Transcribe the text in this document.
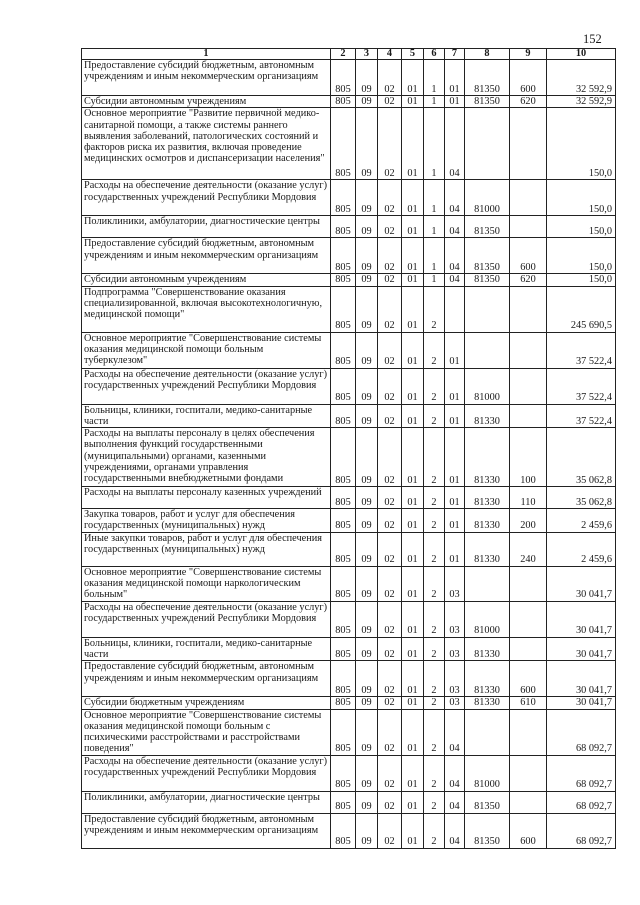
152
1	2	3	4	5	6	7	8	9	10
Предоставление субсидий бюджетным, автономным учреждениям и иным некоммерческим организациям	805	09	02	01	1	01	81350	600	32 592,9
Субсидии автономным учреждениям	805	09	02	01	1	01	81350	620	32 592,9
Основное мероприятие "Развитие первичной медико-санитарной помощи, а также системы раннего выявления заболеваний, патологических состояний и факторов риска их развития, включая проведение медицинских осмотров и диспансеризации населения"	805	09	02	01	1	04			150,0
Расходы на обеспечение деятельности (оказание услуг) государственных учреждений Республики Мордовия	805	09	02	01	1	04	81000		150,0
Поликлиники, амбулатории, диагностические центры	805	09	02	01	1	04	81350		150,0
Предоставление субсидий бюджетным, автономным учреждениям и иным некоммерческим организациям	805	09	02	01	1	04	81350	600	150,0
Субсидии автономным учреждениям	805	09	02	01	1	04	81350	620	150,0
Подпрограмма "Совершенствование оказания специализированной, включая высокотехнологичную, медицинской помощи"	805	09	02	01	2				245 690,5
Основное мероприятие "Совершенствование системы оказания медицинской помощи больным туберкулезом"	805	09	02	01	2	01			37 522,4
Расходы на обеспечение деятельности (оказание услуг) государственных учреждений Республики Мордовия	805	09	02	01	2	01	81000		37 522,4
Больницы, клиники, госпитали, медико-санитарные части	805	09	02	01	2	01	81330		37 522,4
Расходы на выплаты персоналу в целях обеспечения выполнения функций государственными (муниципальными) органами, казенными учреждениями, органами управления государственными внебюджетными фондами	805	09	02	01	2	01	81330	100	35 062,8
Расходы на выплаты персоналу казенных учреждений	805	09	02	01	2	01	81330	110	35 062,8
Закупка товаров, работ и услуг для обеспечения государственных (муниципальных) нужд	805	09	02	01	2	01	81330	200	2 459,6
Иные закупки товаров, работ и услуг для обеспечения государственных (муниципальных) нужд	805	09	02	01	2	01	81330	240	2 459,6
Основное мероприятие "Совершенствование системы оказания медицинской помощи наркологическим больным"	805	09	02	01	2	03			30 041,7
Расходы на обеспечение деятельности (оказание услуг) государственных учреждений Республики Мордовия	805	09	02	01	2	03	81000		30 041,7
Больницы, клиники, госпитали, медико-санитарные части	805	09	02	01	2	03	81330		30 041,7
Предоставление субсидий бюджетным, автономным учреждениям и иным некоммерческим организациям	805	09	02	01	2	03	81330	600	30 041,7
Субсидии бюджетным учреждениям	805	09	02	01	2	03	81330	610	30 041,7
Основное мероприятие "Совершенствование системы оказания медицинской помощи больным с психическими расстройствами и расстройствами поведения"	805	09	02	01	2	04			68 092,7
Расходы на обеспечение деятельности (оказание услуг) государственных учреждений Республики Мордовия	805	09	02	01	2	04	81000		68 092,7
Поликлиники, амбулатории, диагностические центры	805	09	02	01	2	04	81350		68 092,7
Предоставление субсидий бюджетным, автономным учреждениям и иным некоммерческим организациям	805	09	02	01	2	04	81350	600	68 092,7
